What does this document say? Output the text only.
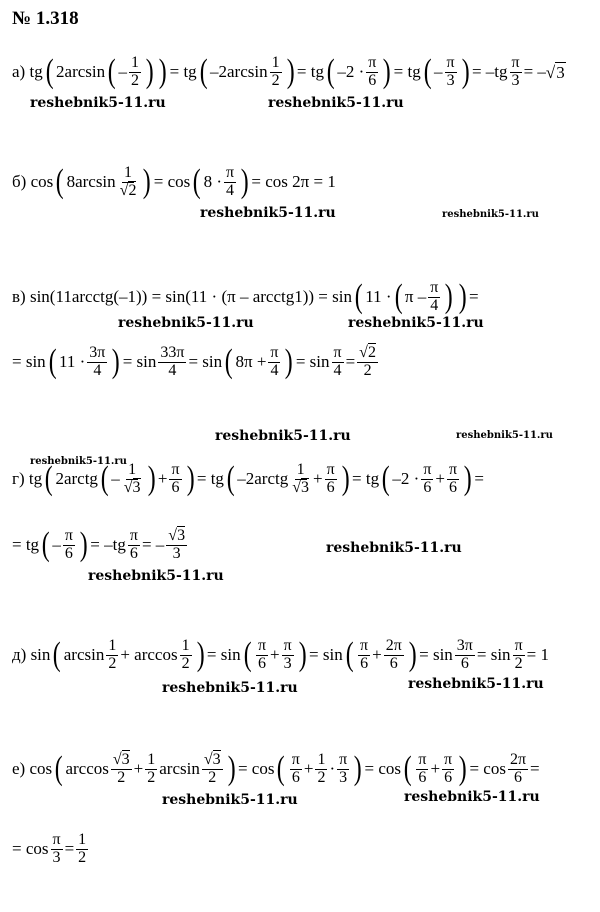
№ 1.318
а) tg ( 2arcsin ( – $\frac{1}{2}$ ) ) = tg ( $-2\arcsin \frac{1}{2}$ ) = tg ( $-2 \cdot \frac{\pi}{6}$ ) = tg ( – $\frac{\pi}{3}$ ) = $-tg \frac{\pi}{3}$ = – √ 3
reshebnik5-11.ru	reshebnik5-11.ru
б) cos ( $8\arcsin \frac{1}{√2}$ ) = cos ( $8 \cdot \frac{\pi}{4}$ ) = cos 2π = 1
reshebnik5-11.ru	reshebnik5-11.ru
в) sin(11arcctg(–1)) = sin(11 · (π – arcctg1)) = sin ( 11 · ( π – $\frac{\pi}{4}$ ) ) =
reshebnik5-11.ru	reshebnik5-11.ru
= sin ( $11 \cdot \frac{3\pi}{4}$ ) = $\sin \frac{33\pi}{4} = \sin$ ( $8\pi + \frac{\pi}{4}$ ) = $\sin \frac{\pi}{4} = \frac{√2}{2}$
reshebnik5-11.ru	reshebnik5-11.ru
reshebnik5-11.ru
г) tg ( 2arctg ( – $\frac{1}{√3}$ ) + $\frac{\pi}{6}$ ) = tg ( –2arctg $\frac{1}{√3} + \frac{\pi}{6}$ ) = tg ( $-2 \cdot \frac{\pi}{6} + \frac{\pi}{6}$ ) =
= tg ( – $\frac{\pi}{6}$ ) = $-tg \frac{\pi}{6}$ = – $\frac{√3}{3}$	reshebnik5-11.ru
reshebnik5-11.ru
д) sin ( $\arcsin \frac{1}{2} + \arccos \frac{1}{2}$ ) = sin ( $\frac{\pi}{6} + \frac{\pi}{3}$ ) = sin ( $\frac{\pi}{6} + \frac{2\pi}{6}$ ) = $\sin \frac{3\pi}{6} = \sin \frac{\pi}{2} = 1$
reshebnik5-11.ru	reshebnik5-11.ru
е) cos ( $\arccos \frac{√3}{2} + \frac{1}{2}$ $\arcsin \frac{√3}{2}$ ) = cos ( $\frac{\pi}{6} + \frac{1}{2} \cdot \frac{\pi}{3}$ ) = cos ( $\frac{\pi}{6} + \frac{\pi}{6}$ ) = $\cos \frac{2\pi}{6}$ =
reshebnik5-11.ru	reshebnik5-11.ru
= $\cos \frac{\pi}{3} = \frac{1}{2}$
